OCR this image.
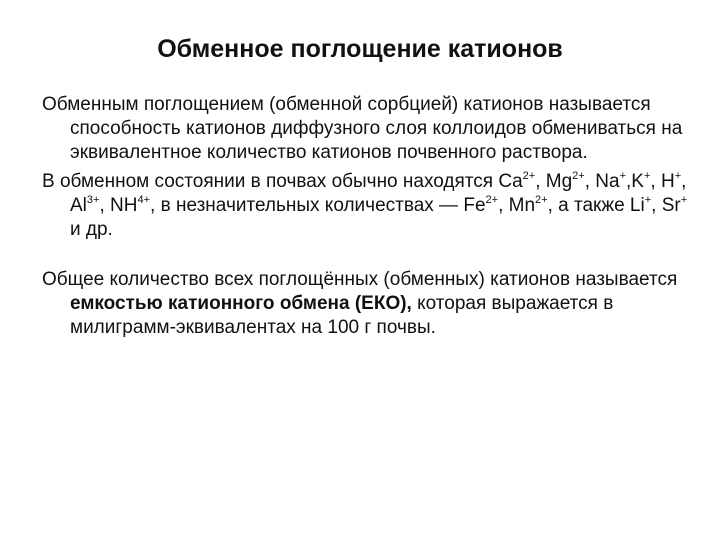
Обменное поглощение катионов

Обменным поглощением (обменной сорбцией) катионов называется способность катионов диффузного слоя коллоидов обмениваться на эквивалентное количество катионов почвенного раствора.

В обменном состоянии в почвах обычно находятся $Ca^{2+}$, $Mg^{2+}$, Na+,K+, H+, $Al^{3+}$, $NH^{4+}$, в незначительных количествах — $Fe^{2+}$, $Mn^{2+}$, а также Li+, Sr+ и др.

Общее количество всех поглощённых (обменных) катионов называется емкостью катионного обмена (ЕКО), которая выражается в милиграмм-эквивалентах на 100 г почвы.
